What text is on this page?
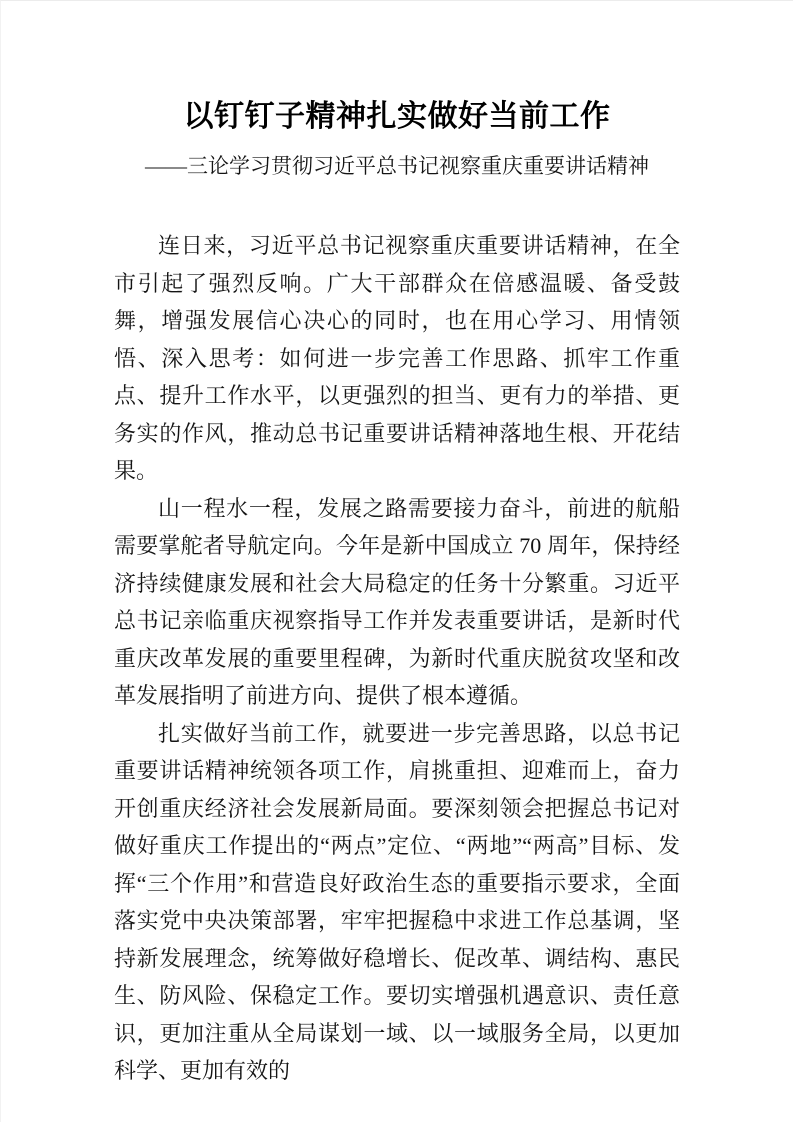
以钉钉子精神扎实做好当前工作
——三论学习贯彻习近平总书记视察重庆重要讲话精神

连日来，习近平总书记视察重庆重要讲话精神，在全市引起了强烈反响。广大干部群众在倍感温暖、备受鼓舞，增强发展信心决心的同时，也在用心学习、用情领悟、深入思考：如何进一步完善工作思路、抓牢工作重点、提升工作水平，以更强烈的担当、更有力的举措、更务实的作风，推动总书记重要讲话精神落地生根、开花结果。

山一程水一程，发展之路需要接力奋斗，前进的航船需要掌舵者导航定向。今年是新中国成立 70 周年，保持经济持续健康发展和社会大局稳定的任务十分繁重。习近平总书记亲临重庆视察指导工作并发表重要讲话，是新时代重庆改革发展的重要里程碑，为新时代重庆脱贫攻坚和改革发展指明了前进方向、提供了根本遵循。

扎实做好当前工作，就要进一步完善思路，以总书记重要讲话精神统领各项工作，肩挑重担、迎难而上，奋力开创重庆经济社会发展新局面。要深刻领会把握总书记对做好重庆工作提出的“两点”定位、“两地”“两高”目标、发挥“三个作用”和营造良好政治生态的重要指示要求，全面落实党中央决策部署，牢牢把握稳中求进工作总基调，坚持新发展理念，统筹做好稳增长、促改革、调结构、惠民生、防风险、保稳定工作。要切实增强机遇意识、责任意识，更加注重从全局谋划一域、以一域服务全局，以更加科学、更加有效的
